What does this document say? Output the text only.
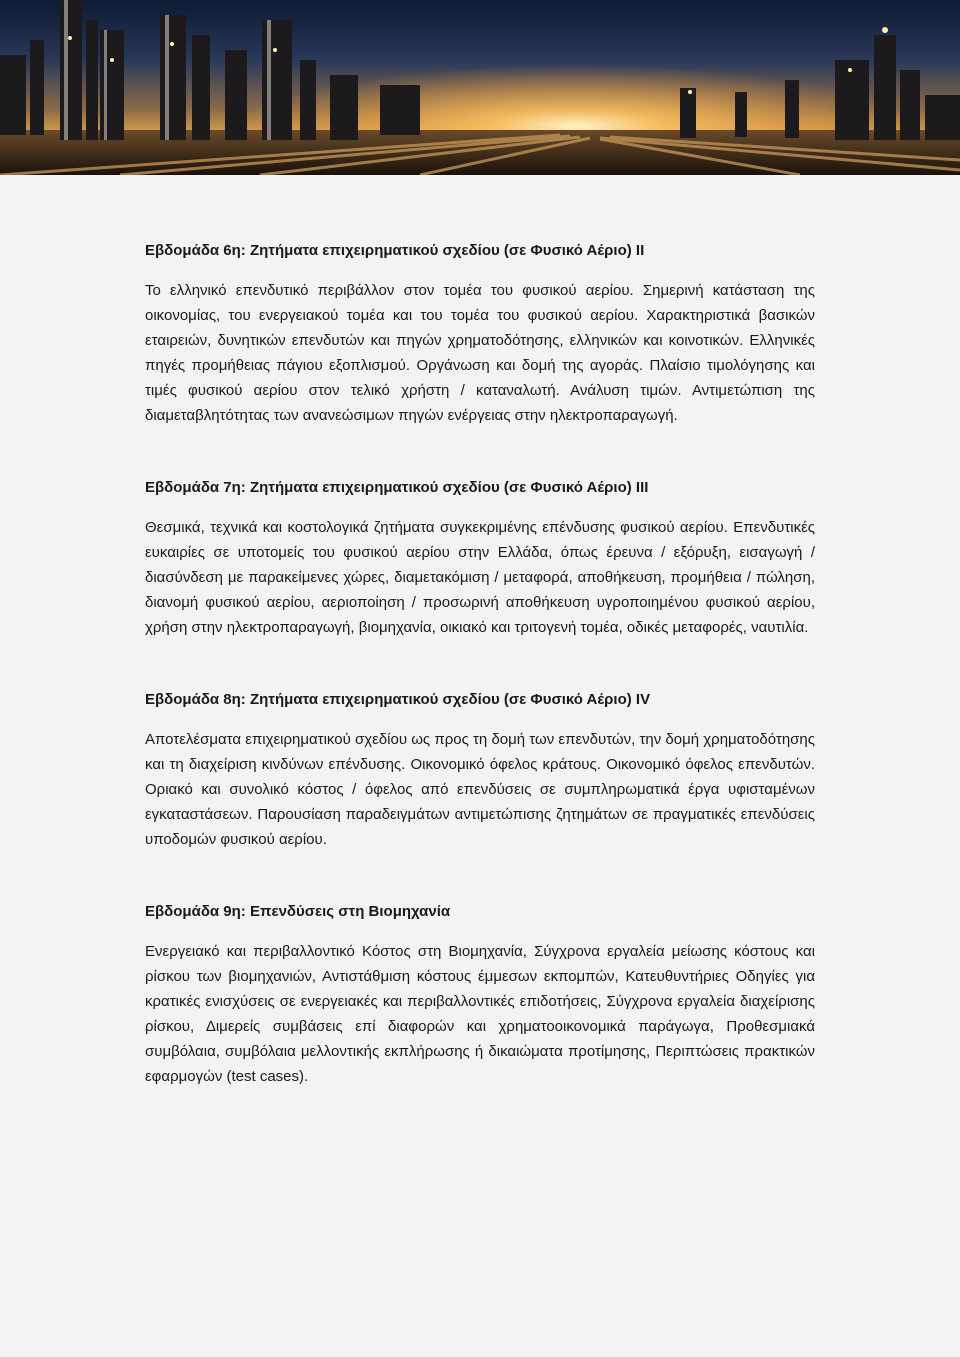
Εβδομάδα 6η: Ζητήματα επιχειρηματικού σχεδίου (σε Φυσικό Αέριο) ΙΙ

Το ελληνικό επενδυτικό περιβάλλον στον τομέα του φυσικού αερίου. Σημερινή κατάσταση της οικονομίας, του ενεργειακού τομέα και του τομέα του φυσικού αερίου. Χαρακτηριστικά βασικών εταιρειών, δυνητικών επενδυτών και πηγών χρηματοδότησης, ελληνικών και κοινοτικών. Ελληνικές πηγές προμήθειας πάγιου εξοπλισμού. Οργάνωση και δομή της αγοράς. Πλαίσιο τιμολόγησης και τιμές φυσικού αερίου στον τελικό χρήστη / καταναλωτή. Ανάλυση τιμών. Αντιμετώπιση της διαμεταβλητότητας των ανανεώσιμων πηγών ενέργειας στην ηλεκτροπαραγωγή.

Εβδομάδα 7η: Ζητήματα επιχειρηματικού σχεδίου (σε Φυσικό Αέριο) ΙΙΙ

Θεσμικά, τεχνικά και κοστολογικά ζητήματα συγκεκριμένης επένδυσης φυσικού αερίου. Επενδυτικές ευκαιρίες σε υποτομείς του φυσικού αερίου στην Ελλάδα, όπως έρευνα / εξόρυξη, εισαγωγή / διασύνδεση με παρακείμενες χώρες, διαμετακόμιση / μεταφορά, αποθήκευση, προμήθεια / πώληση, διανομή φυσικού αερίου, αεριοποίηση / προσωρινή αποθήκευση υγροποιημένου φυσικού αερίου, χρήση στην ηλεκτροπαραγωγή, βιομηχανία, οικιακό και τριτογενή τομέα, οδικές μεταφορές, ναυτιλία.

Εβδομάδα 8η: Ζητήματα επιχειρηματικού σχεδίου (σε Φυσικό Αέριο) ΙV

Αποτελέσματα επιχειρηματικού σχεδίου ως προς τη δομή των επενδυτών, την δομή χρηματοδότησης και τη διαχείριση κινδύνων επένδυσης. Οικονομικό όφελος κράτους. Οικονομικό όφελος επενδυτών. Οριακό και συνολικό κόστος / όφελος από επενδύσεις σε συμπληρωματικά έργα υφισταμένων εγκαταστάσεων. Παρουσίαση παραδειγμάτων αντιμετώπισης ζητημάτων σε πραγματικές επενδύσεις υποδομών φυσικού αερίου.

Εβδομάδα 9η: Επενδύσεις στη Βιομηχανία

Ενεργειακό και περιβαλλοντικό Κόστος στη Βιομηχανία, Σύγχρονα εργαλεία μείωσης κόστους και ρίσκου των βιομηχανιών, Αντιστάθμιση κόστους έμμεσων εκπομπών, Κατευθυντήριες Οδηγίες για κρατικές ενισχύσεις σε ενεργειακές και περιβαλλοντικές επιδοτήσεις, Σύγχρονα εργαλεία διαχείρισης ρίσκου, Διμερείς συμβάσεις επί διαφορών και χρηματοοικονομικά παράγωγα, Προθεσμιακά συμβόλαια, συμβόλαια μελλοντικής εκπλήρωσης ή δικαιώματα προτίμησης, Περιπτώσεις πρακτικών εφαρμογών (test cases).
